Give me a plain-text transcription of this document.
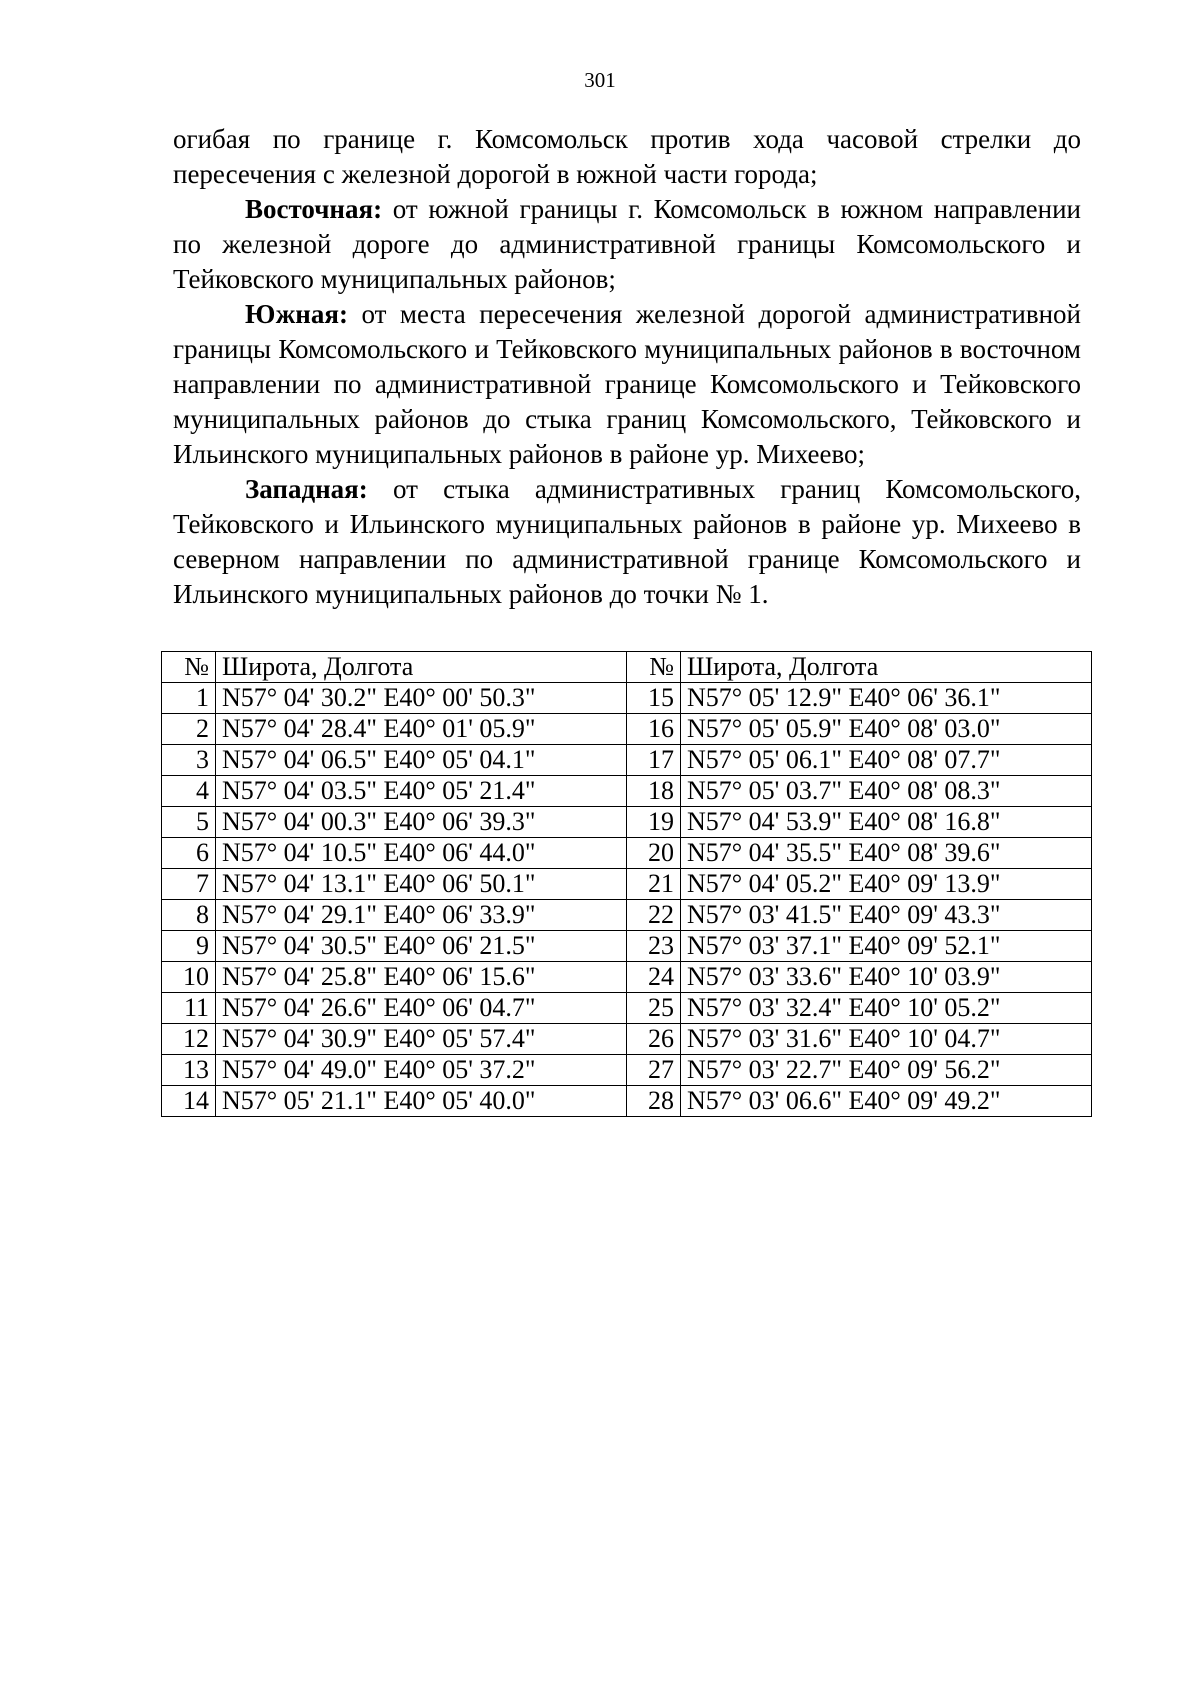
301

огибая по границе г. Комсомольск против хода часовой стрелки до пересечения с железной дорогой в южной части города;

Восточная: от южной границы г. Комсомольск в южном направлении по железной дороге до административной границы Комсомольского и Тейковского муниципальных районов;

Южная: от места пересечения железной дорогой административной границы Комсомольского и Тейковского муниципальных районов в восточном направлении по административной границе Комсомольского и Тейковского муниципальных районов до стыка границ Комсомольского, Тейковского и Ильинского муниципальных районов в районе ур. Михеево;

Западная: от стыка административных границ Комсомольского, Тейковского и Ильинского муниципальных районов в районе ур. Михеево в северном направлении по административной границе Комсомольского и Ильинского муниципальных районов до точки № 1.

№	Широта, Долгота	№	Широта, Долгота
1	N57° 04' 30.2" E40° 00' 50.3"	15	N57° 05' 12.9" E40° 06' 36.1"
2	N57° 04' 28.4" E40° 01' 05.9"	16	N57° 05' 05.9" E40° 08' 03.0"
3	N57° 04' 06.5" E40° 05' 04.1"	17	N57° 05' 06.1" E40° 08' 07.7"
4	N57° 04' 03.5" E40° 05' 21.4"	18	N57° 05' 03.7" E40° 08' 08.3"
5	N57° 04' 00.3" E40° 06' 39.3"	19	N57° 04' 53.9" E40° 08' 16.8"
6	N57° 04' 10.5" E40° 06' 44.0"	20	N57° 04' 35.5" E40° 08' 39.6"
7	N57° 04' 13.1" E40° 06' 50.1"	21	N57° 04' 05.2" E40° 09' 13.9"
8	N57° 04' 29.1" E40° 06' 33.9"	22	N57° 03' 41.5" E40° 09' 43.3"
9	N57° 04' 30.5" E40° 06' 21.5"	23	N57° 03' 37.1" E40° 09' 52.1"
10	N57° 04' 25.8" E40° 06' 15.6"	24	N57° 03' 33.6" E40° 10' 03.9"
11	N57° 04' 26.6" E40° 06' 04.7"	25	N57° 03' 32.4" E40° 10' 05.2"
12	N57° 04' 30.9" E40° 05' 57.4"	26	N57° 03' 31.6" E40° 10' 04.7"
13	N57° 04' 49.0" E40° 05' 37.2"	27	N57° 03' 22.7" E40° 09' 56.2"
14	N57° 05' 21.1" E40° 05' 40.0"	28	N57° 03' 06.6" E40° 09' 49.2"
